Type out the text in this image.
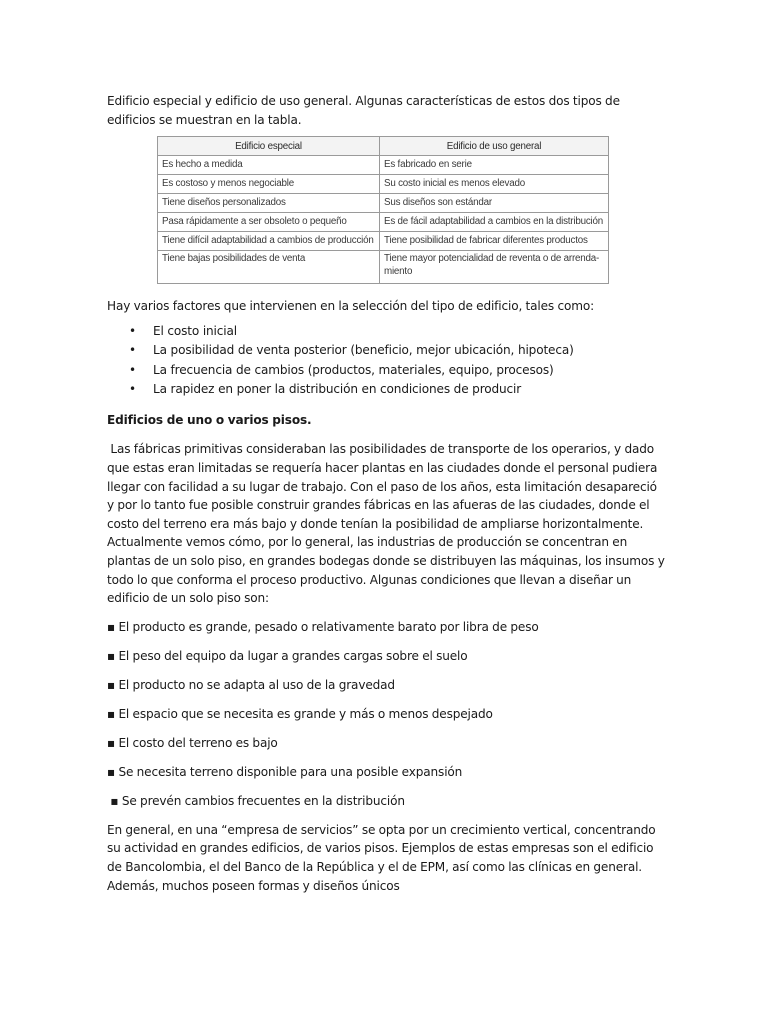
Edificio especial y edificio de uso general. Algunas características de estos dos tipos de edificios se muestran en la tabla.

Edificio especial	Edificio de uso general
Es hecho a medida	Es fabricado en serie
Es costoso y menos negociable	Su costo inicial es menos elevado
Tiene diseños personalizados	Sus diseños son estándar
Pasa rápidamente a ser obsoleto o pequeño	Es de fácil adaptabilidad a cambios en la distribución
Tiene difícil adaptabilidad a cambios de producción	Tiene posibilidad de fabricar diferentes productos
Tiene bajas posibilidades de venta	Tiene mayor potencialidad de reventa o de arrenda- miento

Hay varios factores que intervienen en la selección del tipo de edificio, tales como:

• El costo inicial
• La posibilidad de venta posterior (beneficio, mejor ubicación, hipoteca)
• La frecuencia de cambios (productos, materiales, equipo, procesos)
• La rapidez en poner la distribución en condiciones de producir

Edificios de uno o varios pisos.

Las fábricas primitivas consideraban las posibilidades de transporte de los operarios, y dado que estas eran limitadas se requería hacer plantas en las ciudades donde el personal pudiera llegar con facilidad a su lugar de trabajo. Con el paso de los años, esta limitación desapareció y por lo tanto fue posible construir grandes fábricas en las afueras de las ciudades, donde el costo del terreno era más bajo y donde tenían la posibilidad de ampliarse horizontalmente. Actualmente vemos cómo, por lo general, las industrias de producción se concentran en plantas de un solo piso, en grandes bodegas donde se distribuyen las máquinas, los insumos y todo lo que conforma el proceso productivo. Algunas condiciones que llevan a diseñar un edificio de un solo piso son:

▪ El producto es grande, pesado o relativamente barato por libra de peso

▪ El peso del equipo da lugar a grandes cargas sobre el suelo

▪ El producto no se adapta al uso de la gravedad

▪ El espacio que se necesita es grande y más o menos despejado

▪ El costo del terreno es bajo

▪ Se necesita terreno disponible para una posible expansión

▪ Se prevén cambios frecuentes en la distribución

En general, en una “empresa de servicios” se opta por un crecimiento vertical, concentrando su actividad en grandes edificios, de varios pisos. Ejemplos de estas empresas son el edificio de Bancolombia, el del Banco de la República y el de EPM, así como las clínicas en general. Además, muchos poseen formas y diseños únicos
